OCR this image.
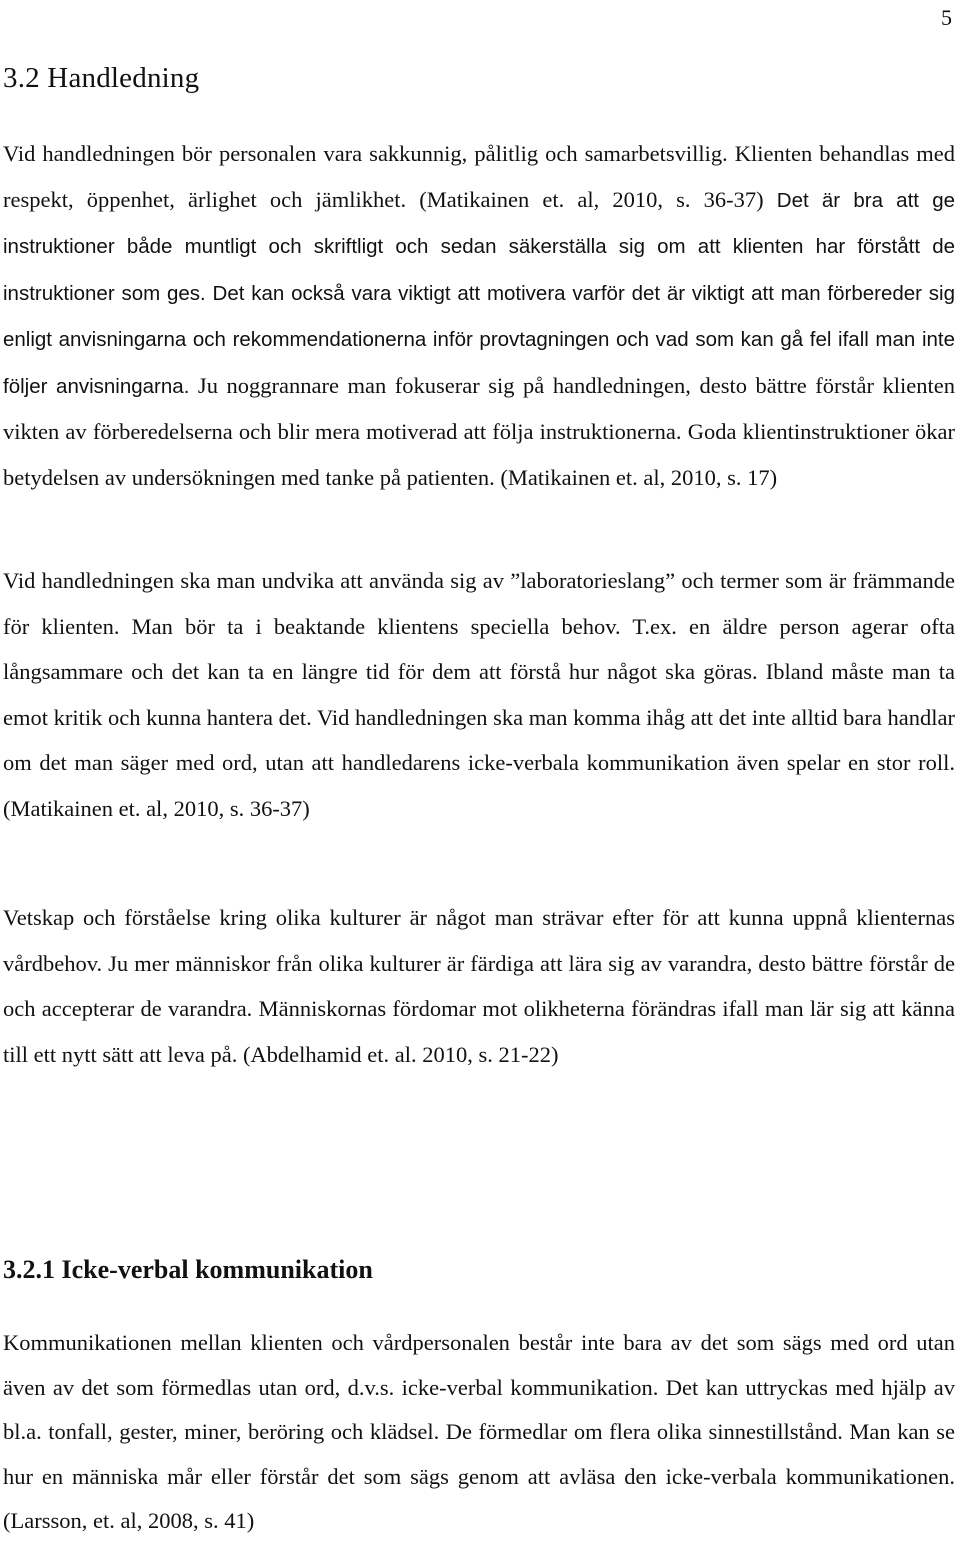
5
3.2 Handledning

Vid handledningen bör personalen vara sakkunnig, pålitlig och samarbetsvillig. Klienten behandlas med respekt, öppenhet, ärlighet och jämlikhet. (Matikainen et. al, 2010, s. 36-37) Det är bra att ge instruktioner både muntligt och skriftligt och sedan säkerställa sig om att klienten har förstått de instruktioner som ges. Det kan också vara viktigt att motivera varför det är viktigt att man förbereder sig enligt anvisningarna och rekommendationerna inför provtagningen och vad som kan gå fel ifall man inte följer anvisningarna. Ju noggrannare man fokuserar sig på handledningen, desto bättre förstår klienten vikten av förberedelserna och blir mera motiverad att följa instruktionerna. Goda klientinstruktioner ökar betydelsen av undersökningen med tanke på patienten. (Matikainen et. al, 2010, s. 17)

Vid handledningen ska man undvika att använda sig av ”laboratorieslang” och termer som är främmande för klienten. Man bör ta i beaktande klientens speciella behov. T.ex. en äldre person agerar ofta långsammare och det kan ta en längre tid för dem att förstå hur något ska göras. Ibland måste man ta emot kritik och kunna hantera det. Vid handledningen ska man komma ihåg att det inte alltid bara handlar om det man säger med ord, utan att handledarens icke-verbala kommunikation även spelar en stor roll. (Matikainen et. al, 2010, s. 36-37)

Vetskap och förståelse kring olika kulturer är något man strävar efter för att kunna uppnå klienternas vårdbehov. Ju mer människor från olika kulturer är färdiga att lära sig av varandra, desto bättre förstår de och accepterar de varandra. Människornas fördomar mot olikheterna förändras ifall man lär sig att känna till ett nytt sätt att leva på. (Abdelhamid et. al. 2010, s. 21-22)

3.2.1 Icke-verbal kommunikation

Kommunikationen mellan klienten och vårdpersonalen består inte bara av det som sägs med ord utan även av det som förmedlas utan ord, d.v.s. icke-verbal kommunikation. Det kan uttryckas med hjälp av bl.a. tonfall, gester, miner, beröring och klädsel. De förmedlar om flera olika sinnestillstånd. Man kan se hur en människa mår eller förstår det som sägs genom att avläsa den icke-verbala kommunikationen. (Larsson, et. al, 2008, s. 41)
